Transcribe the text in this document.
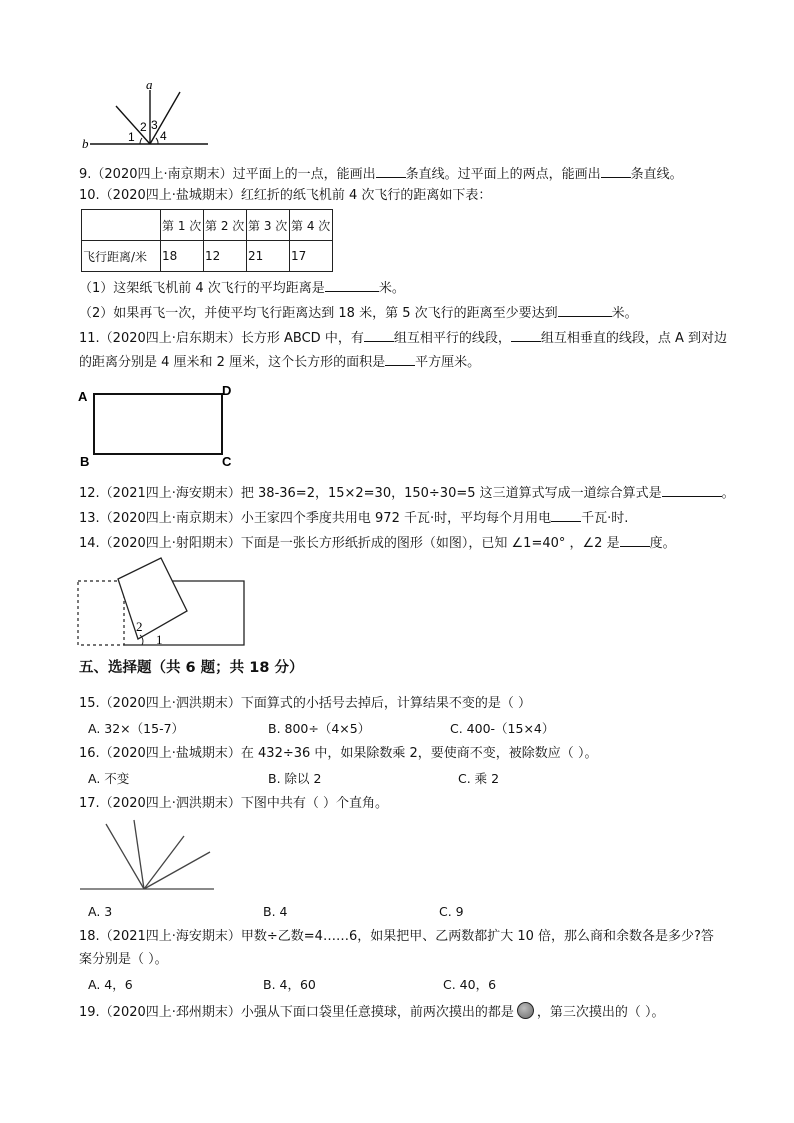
a
b	1
2 3
4
9.（2020四上·南京期末）过平面上的一点，能画出 条直线。过平面上的两点，能画出 条直线。
10.（2020四上·盐城期末）红红折的纸飞机前 4 次飞行的距离如下表：
	第 1 次	第 2 次	第 3 次	第 4 次
飞行距离/米	18	12	21	17
（1）这架纸飞机前 4 次飞行的平均距离是	米。
（2）如果再飞一次，并使平均飞行距离达到 18 米，第 5 次飞行的距离至少要达到	米。
11.（2020四上·启东期末）长方形 ABCD 中，有 组互相平行的线段， 组互相垂直的线段，点 A 到对边
的距离分别是 4 厘米和 2 厘米，这个长方形的面积是 平方厘米。
A	D
B	C
12.（2021四上·海安期末）把 38-36=2，15×2=30，150÷30=5 这三道算式写成一道综合算式是	。
13.（2020四上·南京期末）小王家四个季度共用电 972 千瓦·时，平均每个月用电 千瓦·时.
14.（2020四上·射阳期末）下面是一张长方形纸折成的图形（如图），已知 ∠1=40° ，∠2 是 度。
2
1
五、选择题（共 6 题；共 18 分）
15.（2020四上·泗洪期末）下面算式的小括号去掉后，计算结果不变的是（ ）
A. 32×（15-7）	B. 800÷（4×5）	C. 400-（15×4）
16.（2020四上·盐城期末）在 432÷36 中，如果除数乘 2，要使商不变，被除数应（ ）。
A. 不变	B. 除以 2	C. 乘 2
17.（2020四上·泗洪期末）下图中共有（ ）个直角。
A. 3	B. 4	C. 9
18.（2021四上·海安期末）甲数÷乙数=4……6，如果把甲、乙两数都扩大 10 倍，那么商和余数各是多少?答
案分别是（ ）。
A. 4，6	B. 4，60	C. 40，6
19.（2020四上·邳州期末）小强从下面口袋里任意摸球，前两次摸出的都是 ，第三次摸出的（ ）。
